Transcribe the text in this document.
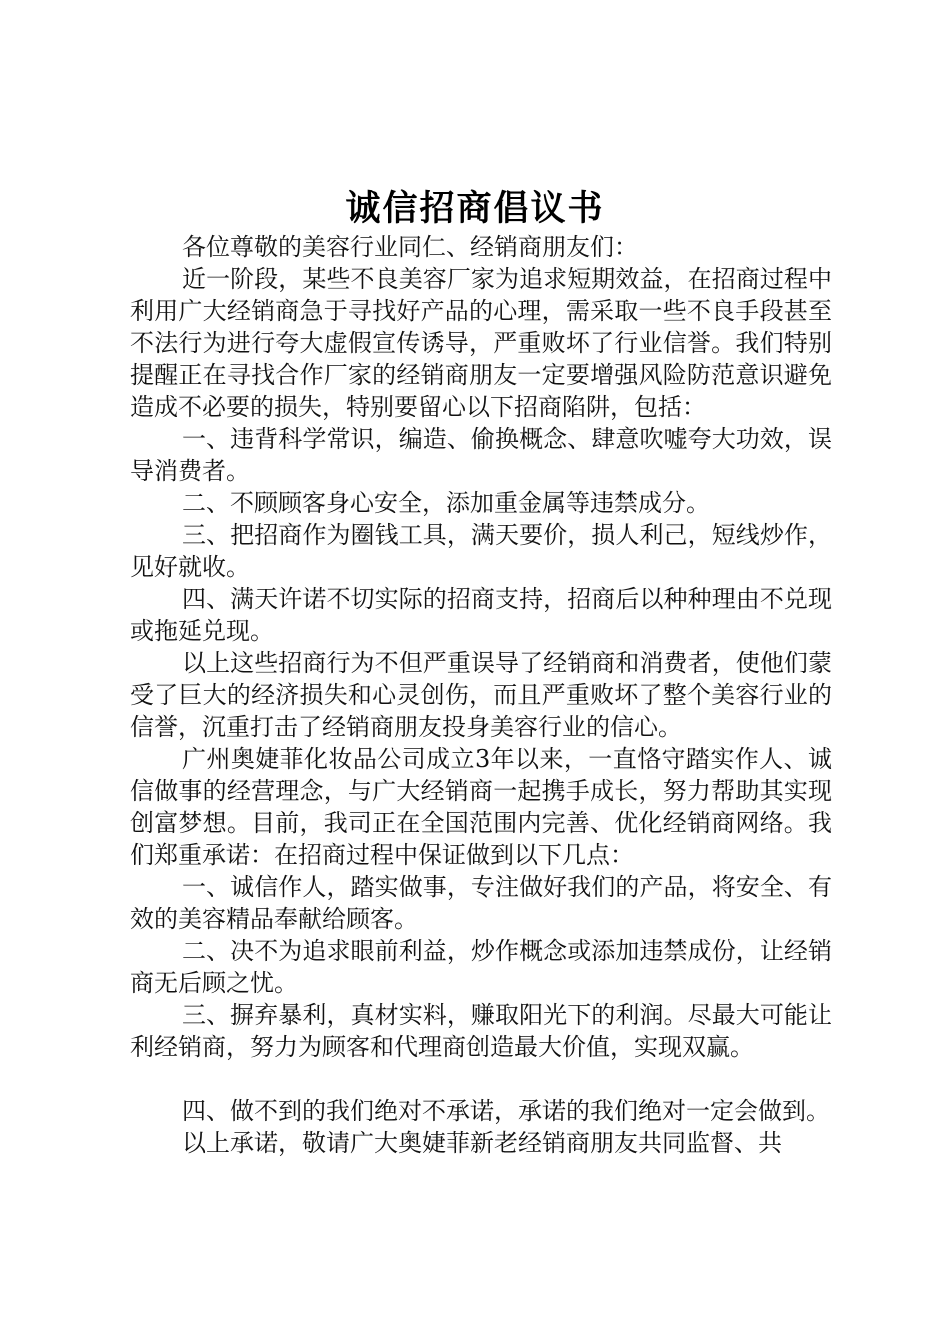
诚信招商倡议书

各位尊敬的美容行业同仁、经销商朋友们：

近一阶段，某些不良美容厂家为追求短期效益，在招商过程中利用广大经销商急于寻找好产品的心理，需采取一些不良手段甚至不法行为进行夸大虚假宣传诱导，严重败坏了行业信誉。我们特别提醒正在寻找合作厂家的经销商朋友一定要增强风险防范意识避免造成不必要的损失，特别要留心以下招商陷阱，包括：

一、违背科学常识，编造、偷换概念、肆意吹嘘夸大功效，误导消费者。

二、不顾顾客身心安全，添加重金属等违禁成分。

三、把招商作为圈钱工具，满天要价，损人利己，短线炒作，见好就收。

四、满天许诺不切实际的招商支持，招商后以种种理由不兑现或拖延兑现。

以上这些招商行为不但严重误导了经销商和消费者，使他们蒙受了巨大的经济损失和心灵创伤，而且严重败坏了整个美容行业的信誉，沉重打击了经销商朋友投身美容行业的信心。

广州奥婕菲化妆品公司成立3年以来，一直恪守踏实作人、诚信做事的经营理念，与广大经销商一起携手成长，努力帮助其实现创富梦想。目前，我司正在全国范围内完善、优化经销商网络。我们郑重承诺：在招商过程中保证做到以下几点：

一、诚信作人，踏实做事，专注做好我们的产品，将安全、有效的美容精品奉献给顾客。

二、决不为追求眼前利益，炒作概念或添加违禁成份，让经销商无后顾之忧。

三、摒弃暴利，真材实料，赚取阳光下的利润。尽最大可能让利经销商，努力为顾客和代理商创造最大价值，实现双赢。

四、做不到的我们绝对不承诺，承诺的我们绝对一定会做到。

以上承诺，敬请广大奥婕菲新老经销商朋友共同监督、共
